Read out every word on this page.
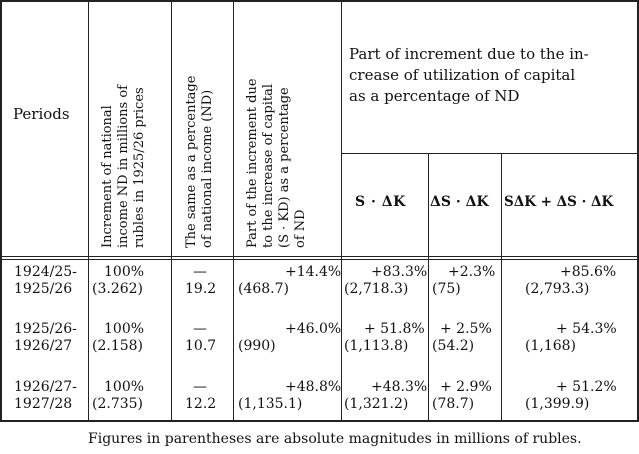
Periods Increment of national income ND in millions of rubles in 1925/26 prices	The same as a percentage of national income (ND) Part of the increment due to the increase of capital (S · KD) as a percentage of ND
Part of increment due to the in-
crease of utilization of capital
as a percentage of ND
S · ΔK ΔS · ΔK SΔK + ΔS · ΔK
1924/25-
1925/26
100%
(3.262)
—
19.2
+14.4%
(468.7)
+83.3%
(2,718.3)
+2.3%
(75)
+85.6%
(2,793.3)
1925/26-
1926/27
100%
(2.158)
—
10.7
+46.0%
(990)
+ 51.8%
(1,113.8)
+ 2.5%
(54.2)
+ 54.3%
(1,168)
1926/27-
1927/28
100%
(2.735)
—
12.2
+48.8%
(1,135.1)
+48.3%
(1,321.2)
+ 2.9%
(78.7)
+ 51.2%
(1,399.9)
Figures in parentheses are absolute magnitudes in millions of rubles.
